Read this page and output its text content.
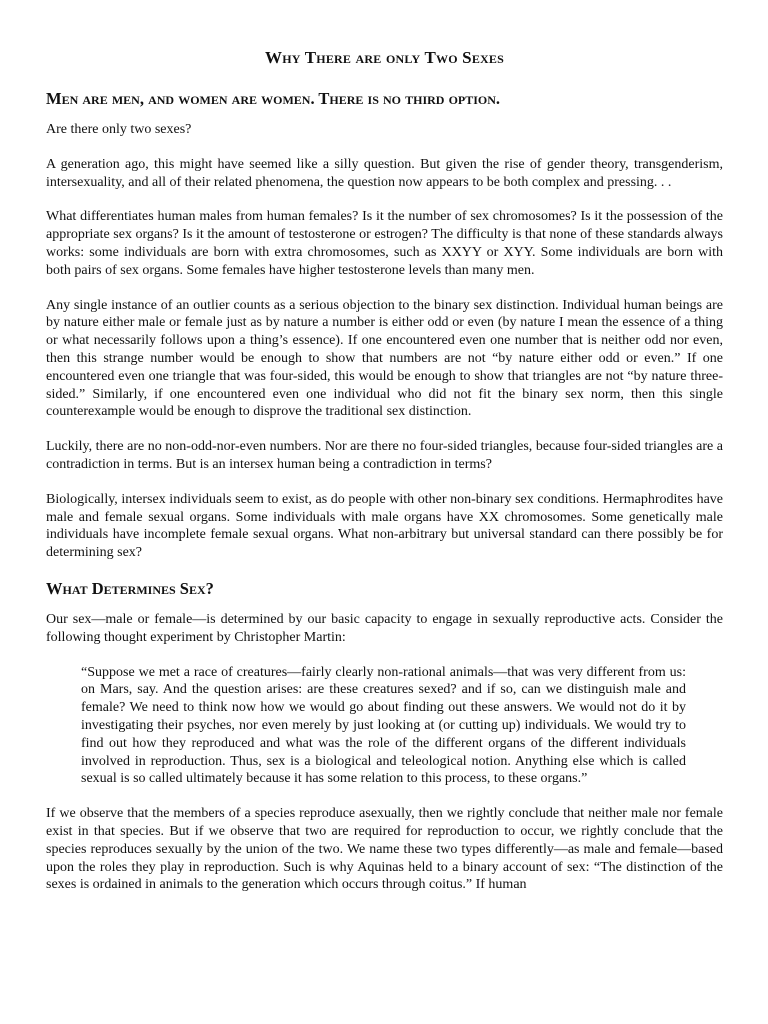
Why There are only Two Sexes
Men are men, and women are women. There is no third option.

Are there only two sexes?

A generation ago, this might have seemed like a silly question. But given the rise of gender theory, transgenderism, intersexuality, and all of their related phenomena, the question now appears to be both complex and pressing. . .

What differentiates human males from human females? Is it the number of sex chromosomes? Is it the possession of the appropriate sex organs? Is it the amount of testosterone or estrogen? The difficulty is that none of these standards always works: some individuals are born with extra chromosomes, such as XXYY or XYY. Some individuals are born with both pairs of sex organs. Some females have higher testosterone levels than many men.

Any single instance of an outlier counts as a serious objection to the binary sex distinction. Individual human beings are by nature either male or female just as by nature a number is either odd or even (by nature I mean the essence of a thing or what necessarily follows upon a thing’s essence). If one encountered even one number that is neither odd nor even, then this strange number would be enough to show that numbers are not “by nature either odd or even.” If one encountered even one triangle that was four-sided, this would be enough to show that triangles are not “by nature three-sided.” Similarly, if one encountered even one individual who did not fit the binary sex norm, then this single counterexample would be enough to disprove the traditional sex distinction.

Luckily, there are no non-odd-nor-even numbers. Nor are there no four-sided triangles, because four-sided triangles are a contradiction in terms. But is an intersex human being a contradiction in terms?

Biologically, intersex individuals seem to exist, as do people with other non-binary sex conditions. Hermaphrodites have male and female sexual organs. Some individuals with male organs have XX chromosomes. Some genetically male individuals have incomplete female sexual organs. What non-arbitrary but universal standard can there possibly be for determining sex?

What Determines Sex?

Our sex—male or female—is determined by our basic capacity to engage in sexually reproductive acts. Consider the following thought experiment by Christopher Martin:

“Suppose we met a race of creatures—fairly clearly non-rational animals—that was very different from us: on Mars, say. And the question arises: are these creatures sexed? and if so, can we distinguish male and female? We need to think now how we would go about finding out these answers. We would not do it by investigating their psyches, nor even merely by just looking at (or cutting up) individuals. We would try to find out how they reproduced and what was the role of the different organs of the different individuals involved in reproduction. Thus, sex is a biological and teleological notion. Anything else which is called sexual is so called ultimately because it has some relation to this process, to these organs.”

If we observe that the members of a species reproduce asexually, then we rightly conclude that neither male nor female exist in that species. But if we observe that two are required for reproduction to occur, we rightly conclude that the species reproduces sexually by the union of the two. We name these two types differently—as male and female—based upon the roles they play in reproduction. Such is why Aquinas held to a binary account of sex: “The distinction of the sexes is ordained in animals to the generation which occurs through coitus.” If human
